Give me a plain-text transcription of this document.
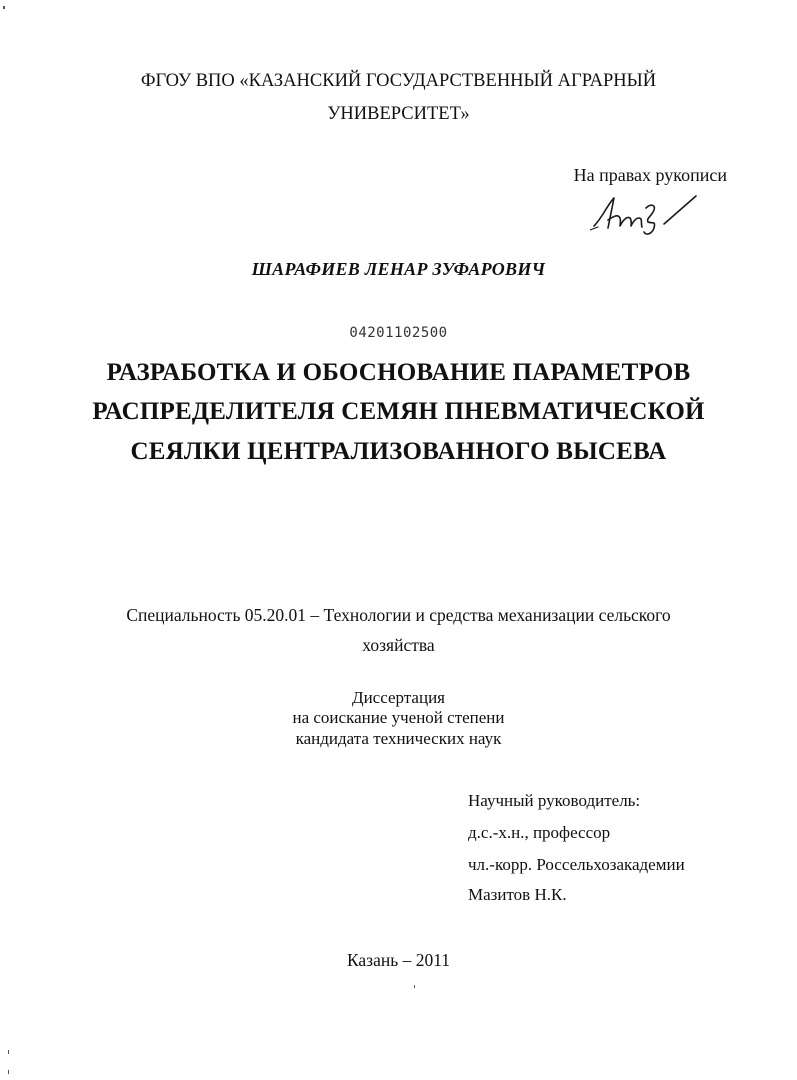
ФГОУ ВПО «КАЗАНСКИЙ ГОСУДАРСТВЕННЫЙ АГРАРНЫЙ
УНИВЕРСИТЕТ»
На правах рукописи
ШАРАФИЕВ ЛЕНАР ЗУФАРОВИЧ
04201102500
РАЗРАБОТКА И ОБОСНОВАНИЕ ПАРАМЕТРОВ
РАСПРЕДЕЛИТЕЛЯ СЕМЯН ПНЕВМАТИЧЕСКОЙ
СЕЯЛКИ ЦЕНТРАЛИЗОВАННОГО ВЫСЕВА
Специальность 05.20.01 – Технологии и средства механизации сельского
хозяйства
Диссертация
на соискание ученой степени
кандидата технических наук
Научный руководитель:
д.с.-х.н., профессор
чл.-корр. Россельхозакадемии
Мазитов Н.К.
Казань – 2011
